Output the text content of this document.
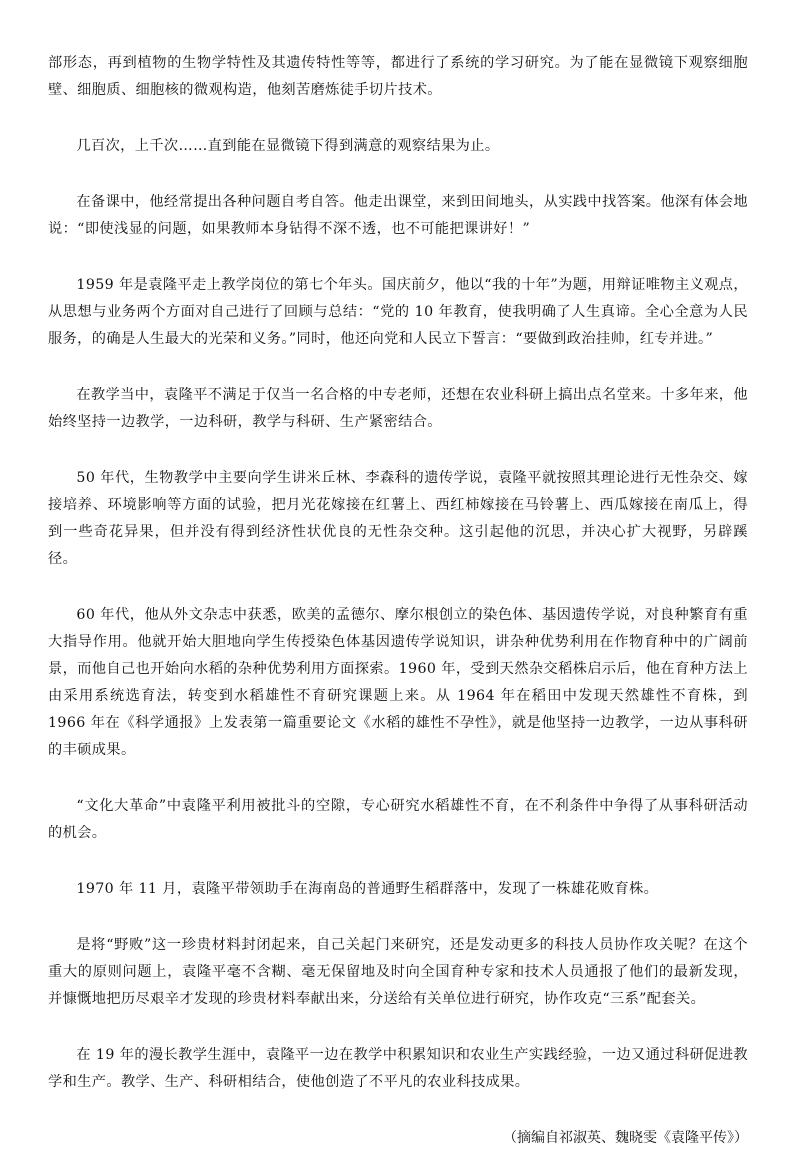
部形态，再到植物的生物学特性及其遗传特性等等，都进行了系统的学习研究。为了能在显微镜下观察细胞壁、细胞质、细胞核的微观构造，他刻苦磨炼徒手切片技术。

几百次，上千次……直到能在显微镜下得到满意的观察结果为止。

在备课中，他经常提出各种问题自考自答。他走出课堂，来到田间地头，从实践中找答案。他深有体会地说：“即使浅显的问题，如果教师本身钻得不深不透，也不可能把课讲好！”

1959 年是袁隆平走上教学岗位的第七个年头。国庆前夕，他以“我的十年”为题，用辩证唯物主义观点，从思想与业务两个方面对自己进行了回顾与总结：“党的 10 年教育，使我明确了人生真谛。全心全意为人民服务，的确是人生最大的光荣和义务。”同时，他还向党和人民立下誓言：“要做到政治挂帅，红专并进。”

在教学当中，袁隆平不满足于仅当一名合格的中专老师，还想在农业科研上搞出点名堂来。十多年来，他始终坚持一边教学，一边科研，教学与科研、生产紧密结合。

50 年代，生物教学中主要向学生讲米丘林、李森科的遗传学说，袁隆平就按照其理论进行无性杂交、嫁接培养、环境影响等方面的试验，把月光花嫁接在红薯上、西红柿嫁接在马铃薯上、西瓜嫁接在南瓜上，得到一些奇花异果，但并没有得到经济性状优良的无性杂交种。这引起他的沉思，并决心扩大视野，另辟蹊径。

60 年代，他从外文杂志中获悉，欧美的孟德尔、摩尔根创立的染色体、基因遗传学说，对良种繁育有重大指导作用。他就开始大胆地向学生传授染色体基因遗传学说知识，讲杂种优势利用在作物育种中的广阔前景，而他自己也开始向水稻的杂种优势利用方面探索。1960 年，受到天然杂交稻株启示后，他在育种方法上由采用系统选育法，转变到水稻雄性不育研究课题上来。从 1964 年在稻田中发现天然雄性不育株，到 1966 年在《科学通报》上发表第一篇重要论文《水稻的雄性不孕性》，就是他坚持一边教学，一边从事科研的丰硕成果。

“文化大革命”中袁隆平利用被批斗的空隙，专心研究水稻雄性不育，在不利条件中争得了从事科研活动的机会。

1970 年 11 月，袁隆平带领助手在海南岛的普通野生稻群落中，发现了一株雄花败育株。

是将“野败”这一珍贵材料封闭起来，自己关起门来研究，还是发动更多的科技人员协作攻关呢？在这个重大的原则问题上，袁隆平毫不含糊、毫无保留地及时向全国育种专家和技术人员通报了他们的最新发现，并慷慨地把历尽艰辛才发现的珍贵材料奉献出来，分送给有关单位进行研究，协作攻克“三系”配套关。

在 19 年的漫长教学生涯中，袁隆平一边在教学中积累知识和农业生产实践经验，一边又通过科研促进教学和生产。教学、生产、科研相结合，使他创造了不平凡的农业科技成果。

（摘编自祁淑英、魏晓雯《袁隆平传》）
